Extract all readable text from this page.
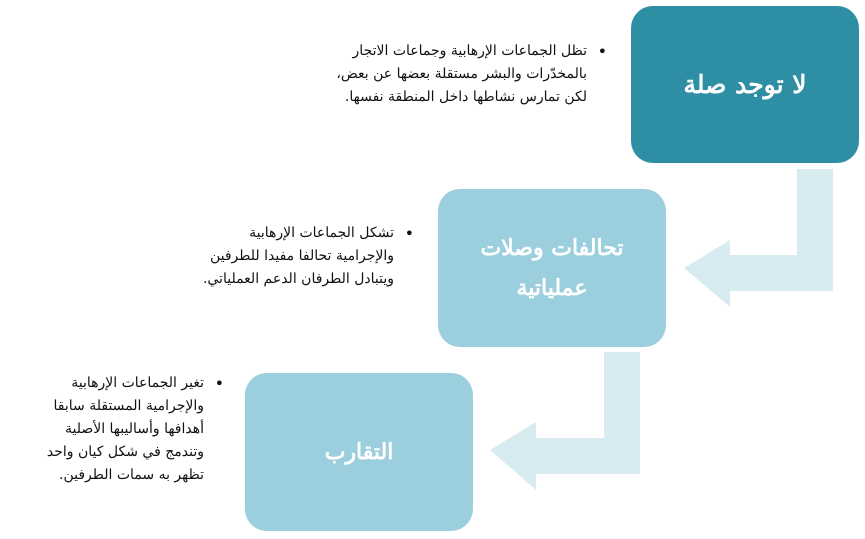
لا توجد صلة
تحالفات وصلات عملياتية
التقارب
• تظل الجماعات الإرهابية وجماعات الاتجار
بالمخدّرات والبشر مستقلة بعضها عن بعض،
لكن تمارس نشاطها داخل المنطقة نفسها.
• تشكل الجماعات الإرهابية
والإجرامية تحالفا مفيدا للطرفين
ويتبادل الطرفان الدعم العملياتي.
• تغير الجماعات الإرهابية
والإجرامية المستقلة سابقا
أهدافها وأساليبها الأصلية
وتندمج في شكل كيان واحد
تظهر به سمات الطرفين.
